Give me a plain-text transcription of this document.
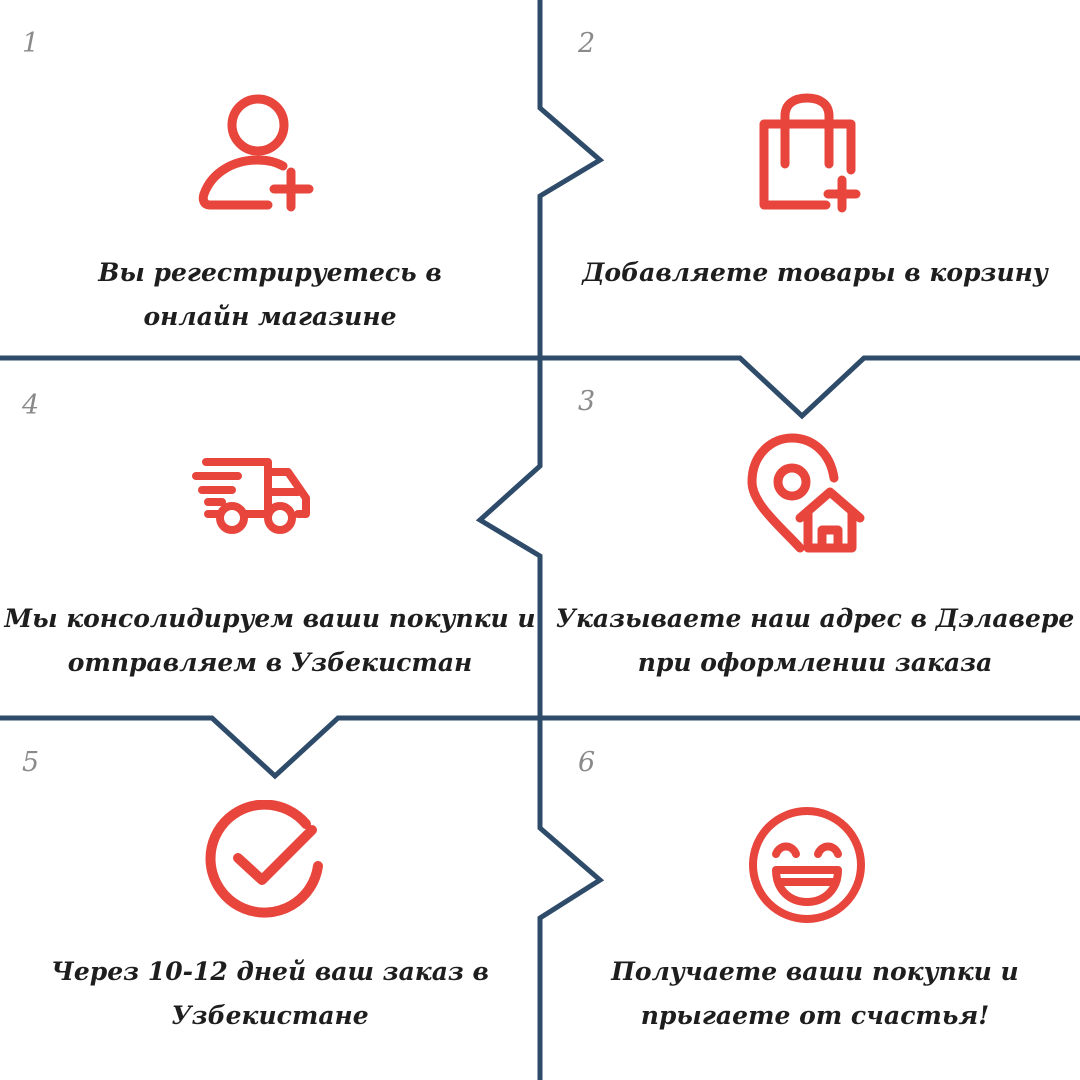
1
Вы регестрируетесь в
онлайн магазине
2
Добавляете товары в корзину
4
Мы консолидируем ваши покупки и
отправляем в Узбекистан
3
Указываете наш адрес в Дэлавере
при оформлении заказа
5
Через 10-12 дней ваш заказ в
Узбекистане
6
Получаете ваши покупки и
прыгаете от счастья!
